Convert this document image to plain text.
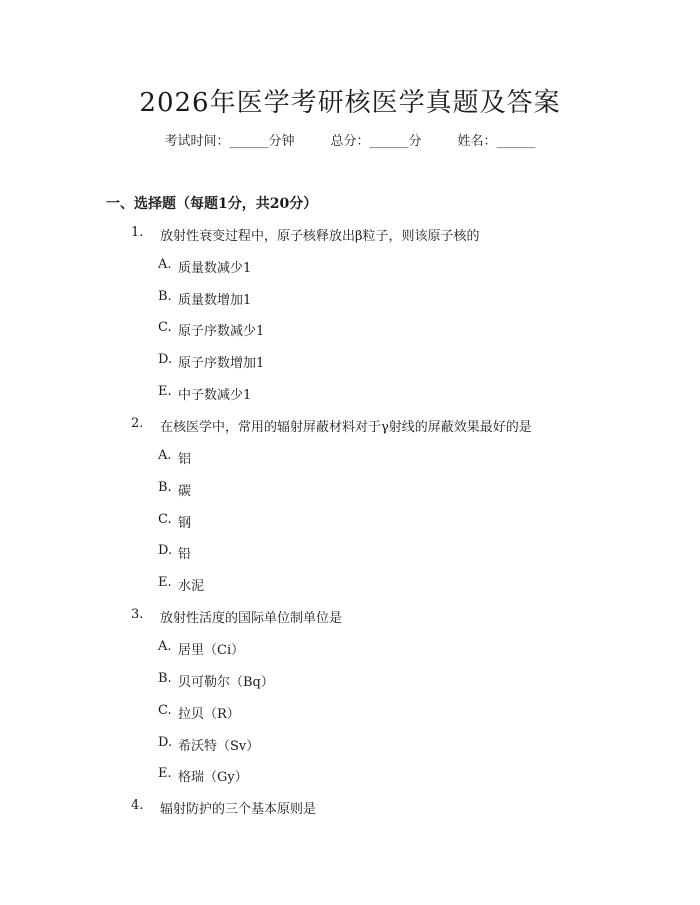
2026年医学考研核医学真题及答案
考试时间：______分钟	总分：______分	姓名：______
一、选择题（每题1分，共20分）
1. 放射性衰变过程中，原子核释放出β粒子，则该原子核的
A. 质量数减少1
B. 质量数增加1
C. 原子序数减少1
D. 原子序数增加1
E. 中子数减少1
2. 在核医学中，常用的辐射屏蔽材料对于γ射线的屏蔽效果最好的是
A. 铝
B. 碳
C. 钢
D. 铅
E. 水泥
3. 放射性活度的国际单位制单位是
A. 居里（Ci）
B. 贝可勒尔（Bq）
C. 拉贝（R）
D. 希沃特（Sv）
E. 格瑞（Gy）
4. 辐射防护的三个基本原则是
